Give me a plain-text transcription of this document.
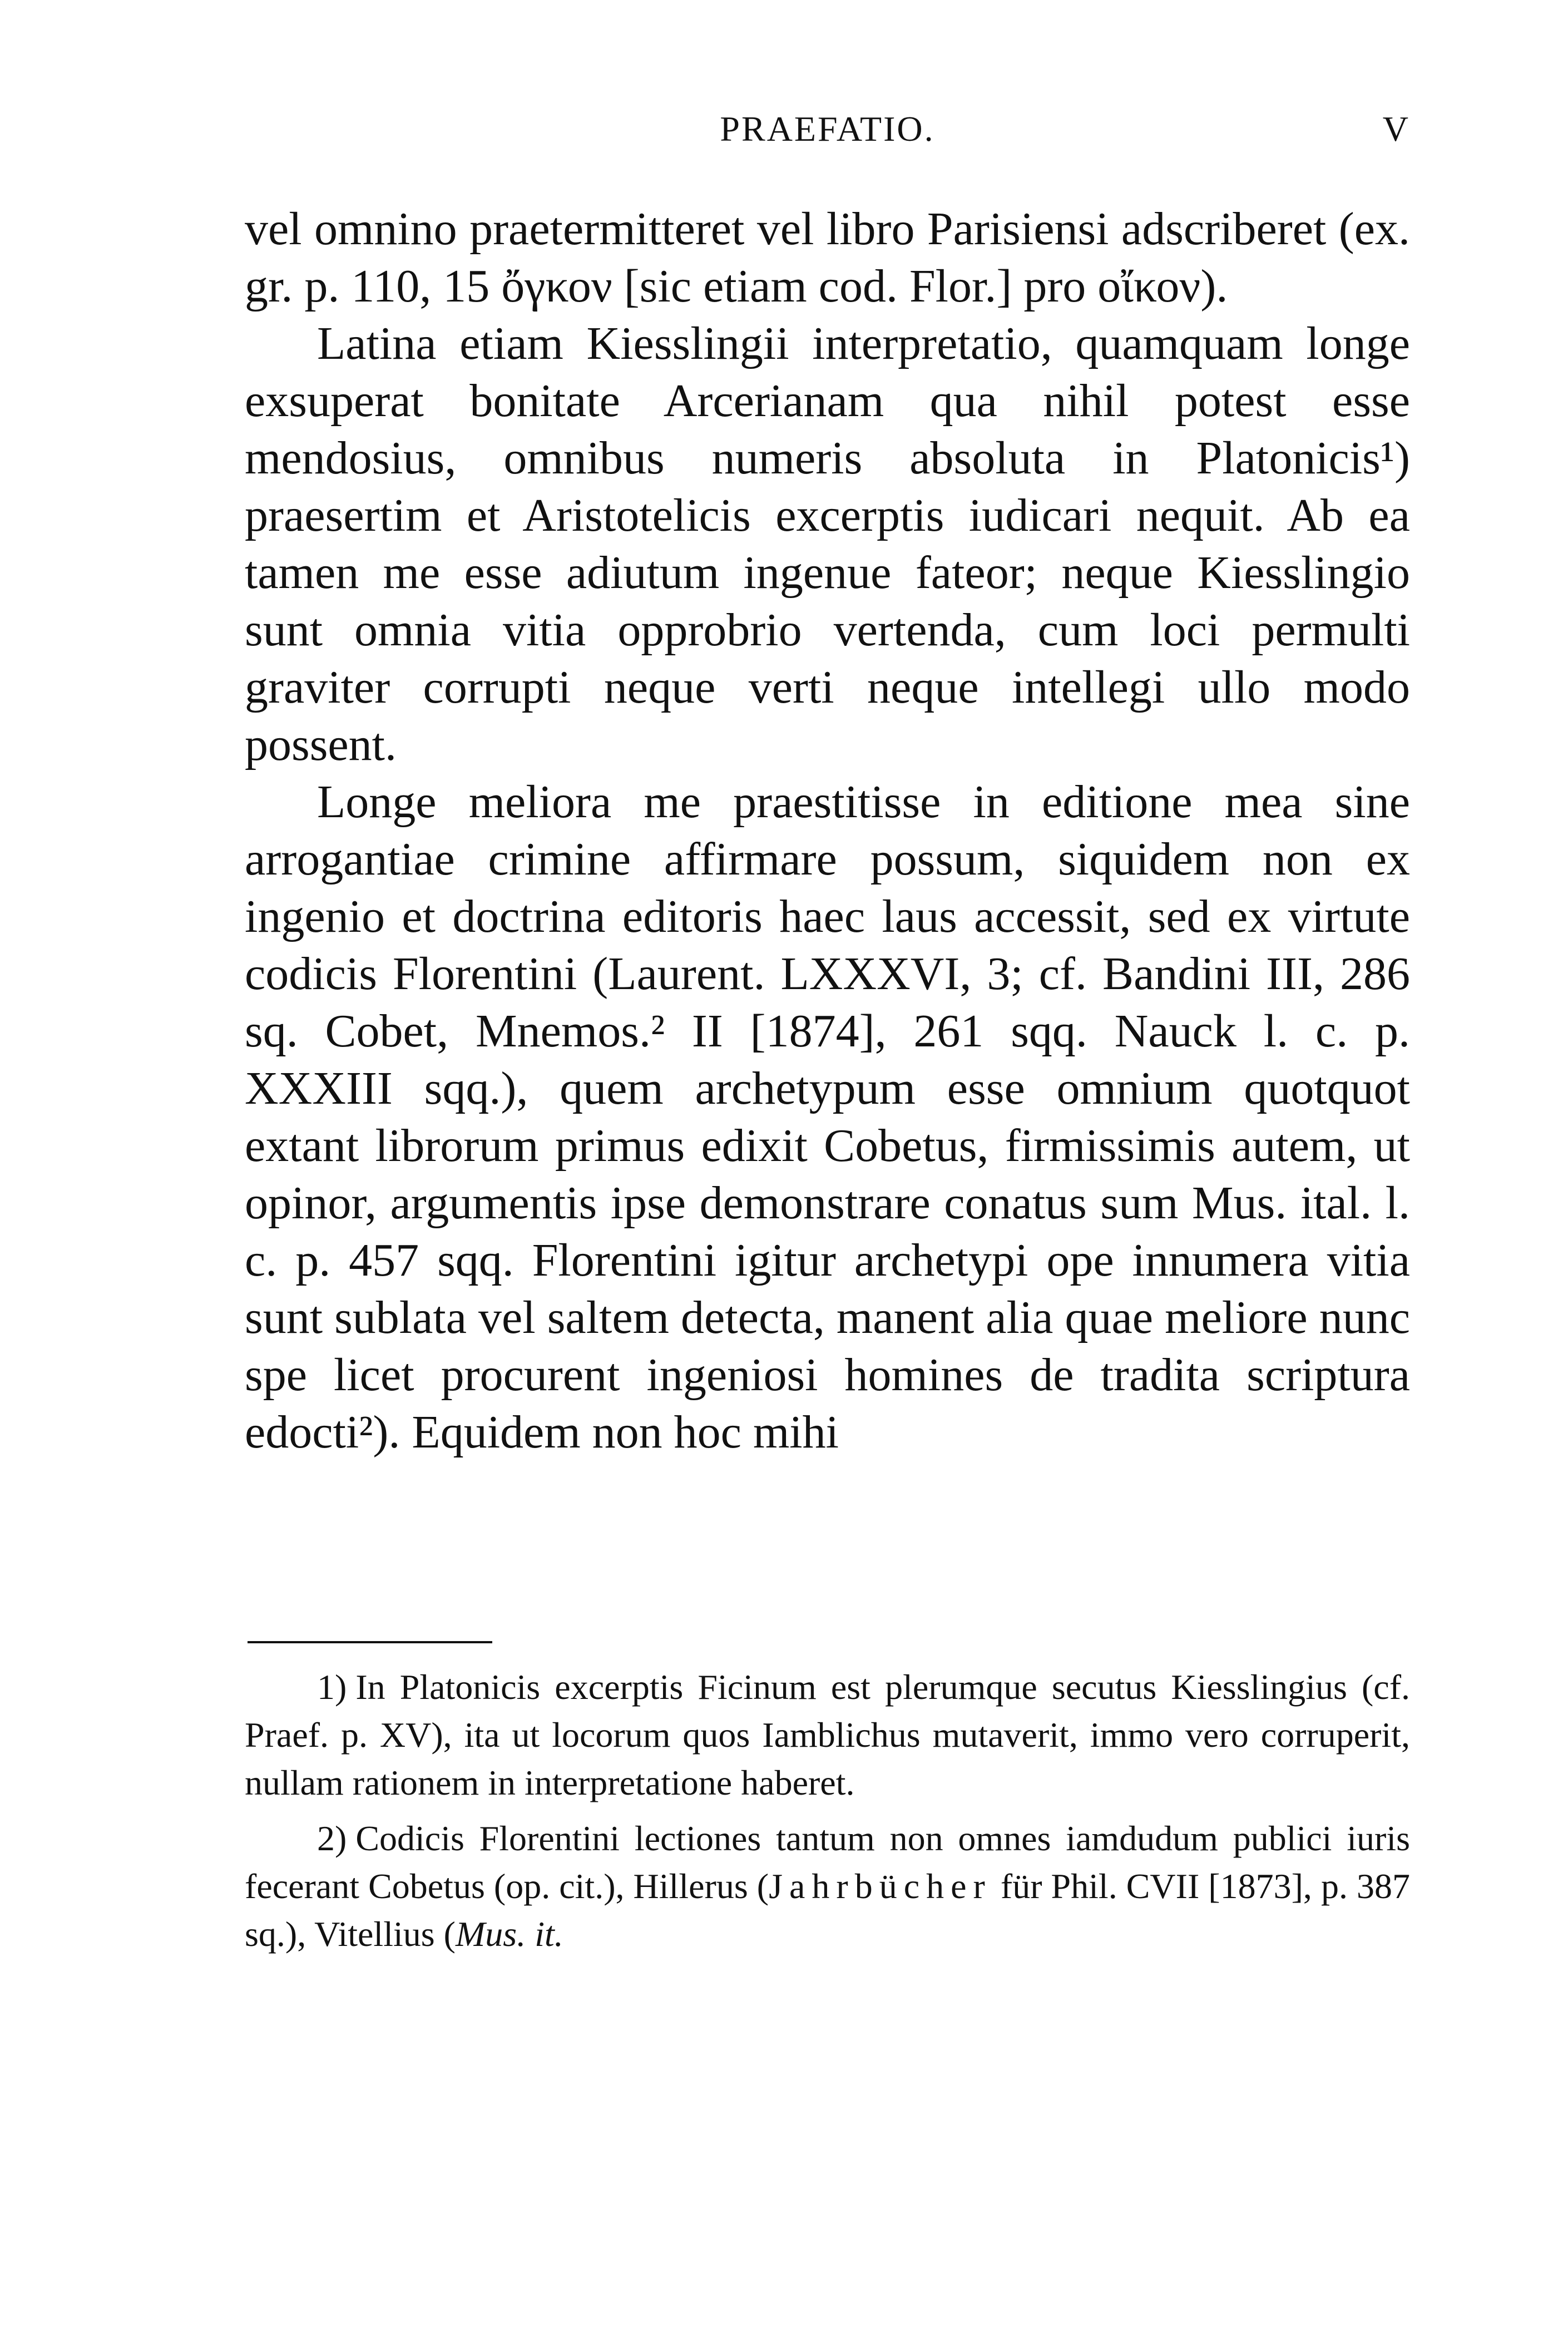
PRAEFATIO.	V

vel omnino praetermitteret vel libro Parisiensi adscriberet (ex. gr. p. 110, 15 ὄγκον [sic etiam cod. Flor.] pro οἴκον).

Latina etiam Kiesslingii interpretatio, quamquam longe exsuperat bonitate Arcerianam qua nihil potest esse mendosius, omnibus numeris absoluta in Platonicis¹) praesertim et Aristotelicis excerptis iudicari nequit. Ab ea tamen me esse adiutum ingenue fateor; neque Kiesslingio sunt omnia vitia opprobrio vertenda, cum loci permulti graviter corrupti neque verti neque intellegi ullo modo possent.

Longe meliora me praestitisse in editione mea sine arrogantiae crimine affirmare possum, siquidem non ex ingenio et doctrina editoris haec laus accessit, sed ex virtute codicis Florentini (Laurent. LXXXVI, 3; cf. Bandini III, 286 sq. Cobet, Mnemos.² II [1874], 261 sqq. Nauck l. c. p. XXXIII sqq.), quem archetypum esse omnium quotquot extant librorum primus edixit Cobetus, firmissimis autem, ut opinor, argumentis ipse demonstrare conatus sum Mus. ital. l. c. p. 457 sqq. Florentini igitur archetypi ope innumera vitia sunt sublata vel saltem detecta, manent alia quae meliore nunc spe licet procurent ingeniosi homines de tradita scriptura edocti²). Equidem non hoc mihi

1) In Platonicis excerptis Ficinum est plerumque secutus Kiesslingius (cf. Praef. p. XV), ita ut locorum quos Iamblichus mutaverit, immo vero corruperit, nullam rationem in interpretatione haberet.

2) Codicis Florentini lectiones tantum non omnes iamdudum publici iuris fecerant Cobetus (op. cit.), Hillerus (Jahrbücher für Phil. CVII [1873], p. 387 sq.), Vitellius (Mus. it.
